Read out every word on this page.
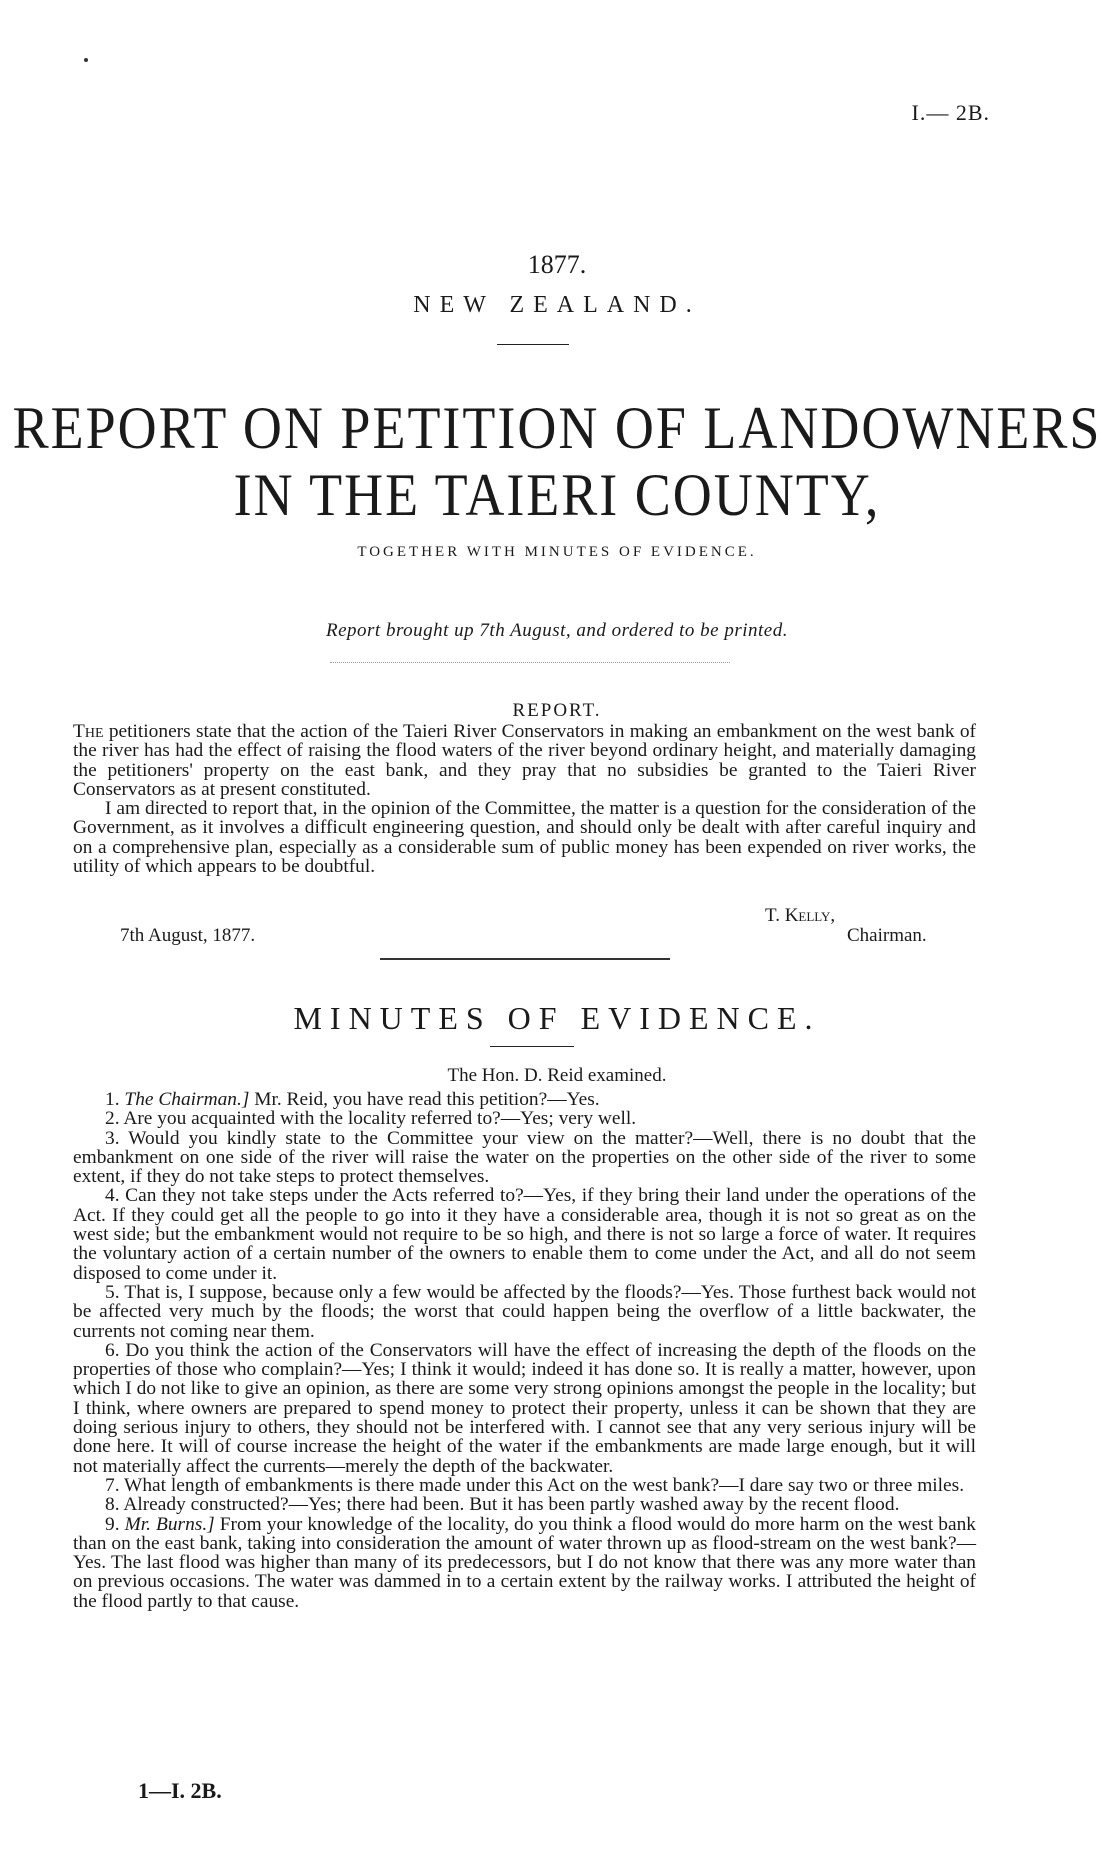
I.— 2B.
1877.
NEW ZEALAND.
REPORT ON PETITION OF LANDOWNERS
IN THE TAIERI COUNTY,
TOGETHER WITH MINUTES OF EVIDENCE.
Report brought up 7th August, and ordered to be printed.
REPORT.

The petitioners state that the action of the Taieri River Conservators in making an embankment on the west bank of the river has had the effect of raising the flood waters of the river beyond ordinary height, and materially damaging the petitioners' property on the east bank, and they pray that no subsidies be granted to the Taieri River Conservators as at present constituted.

I am directed to report that, in the opinion of the Committee, the matter is a question for the consideration of the Government, as it involves a difficult engineering question, and should only be dealt with after careful inquiry and on a comprehensive plan, especially as a considerable sum of public money has been expended on river works, the utility of which appears to be doubtful.

T. Kelly,
Chairman.
7th August, 1877.
MINUTES OF EVIDENCE.
The Hon. D. Reid examined.

1. The Chairman.] Mr. Reid, you have read this petition?—Yes.

2. Are you acquainted with the locality referred to?—Yes; very well.

3. Would you kindly state to the Committee your view on the matter?—Well, there is no doubt that the embankment on one side of the river will raise the water on the properties on the other side of the river to some extent, if they do not take steps to protect themselves.

4. Can they not take steps under the Acts referred to?—Yes, if they bring their land under the operations of the Act. If they could get all the people to go into it they have a considerable area, though it is not so great as on the west side; but the embankment would not require to be so high, and there is not so large a force of water. It requires the voluntary action of a certain number of the owners to enable them to come under the Act, and all do not seem disposed to come under it.

5. That is, I suppose, because only a few would be affected by the floods?—Yes. Those furthest back would not be affected very much by the floods; the worst that could happen being the overflow of a little backwater, the currents not coming near them.

6. Do you think the action of the Conservators will have the effect of increasing the depth of the floods on the properties of those who complain?—Yes; I think it would; indeed it has done so. It is really a matter, however, upon which I do not like to give an opinion, as there are some very strong opinions amongst the people in the locality; but I think, where owners are prepared to spend money to protect their property, unless it can be shown that they are doing serious injury to others, they should not be interfered with. I cannot see that any very serious injury will be done here. It will of course increase the height of the water if the embankments are made large enough, but it will not materially affect the currents—merely the depth of the backwater.

7. What length of embankments is there made under this Act on the west bank?—I dare say two or three miles.

8. Already constructed?—Yes; there had been. But it has been partly washed away by the recent flood.

9. Mr. Burns.] From your knowledge of the locality, do you think a flood would do more harm on the west bank than on the east bank, taking into consideration the amount of water thrown up as flood-stream on the west bank?—Yes. The last flood was higher than many of its predecessors, but I do not know that there was any more water than on previous occasions. The water was dammed in to a certain extent by the railway works. I attributed the height of the flood partly to that cause.

1—I. 2B.
